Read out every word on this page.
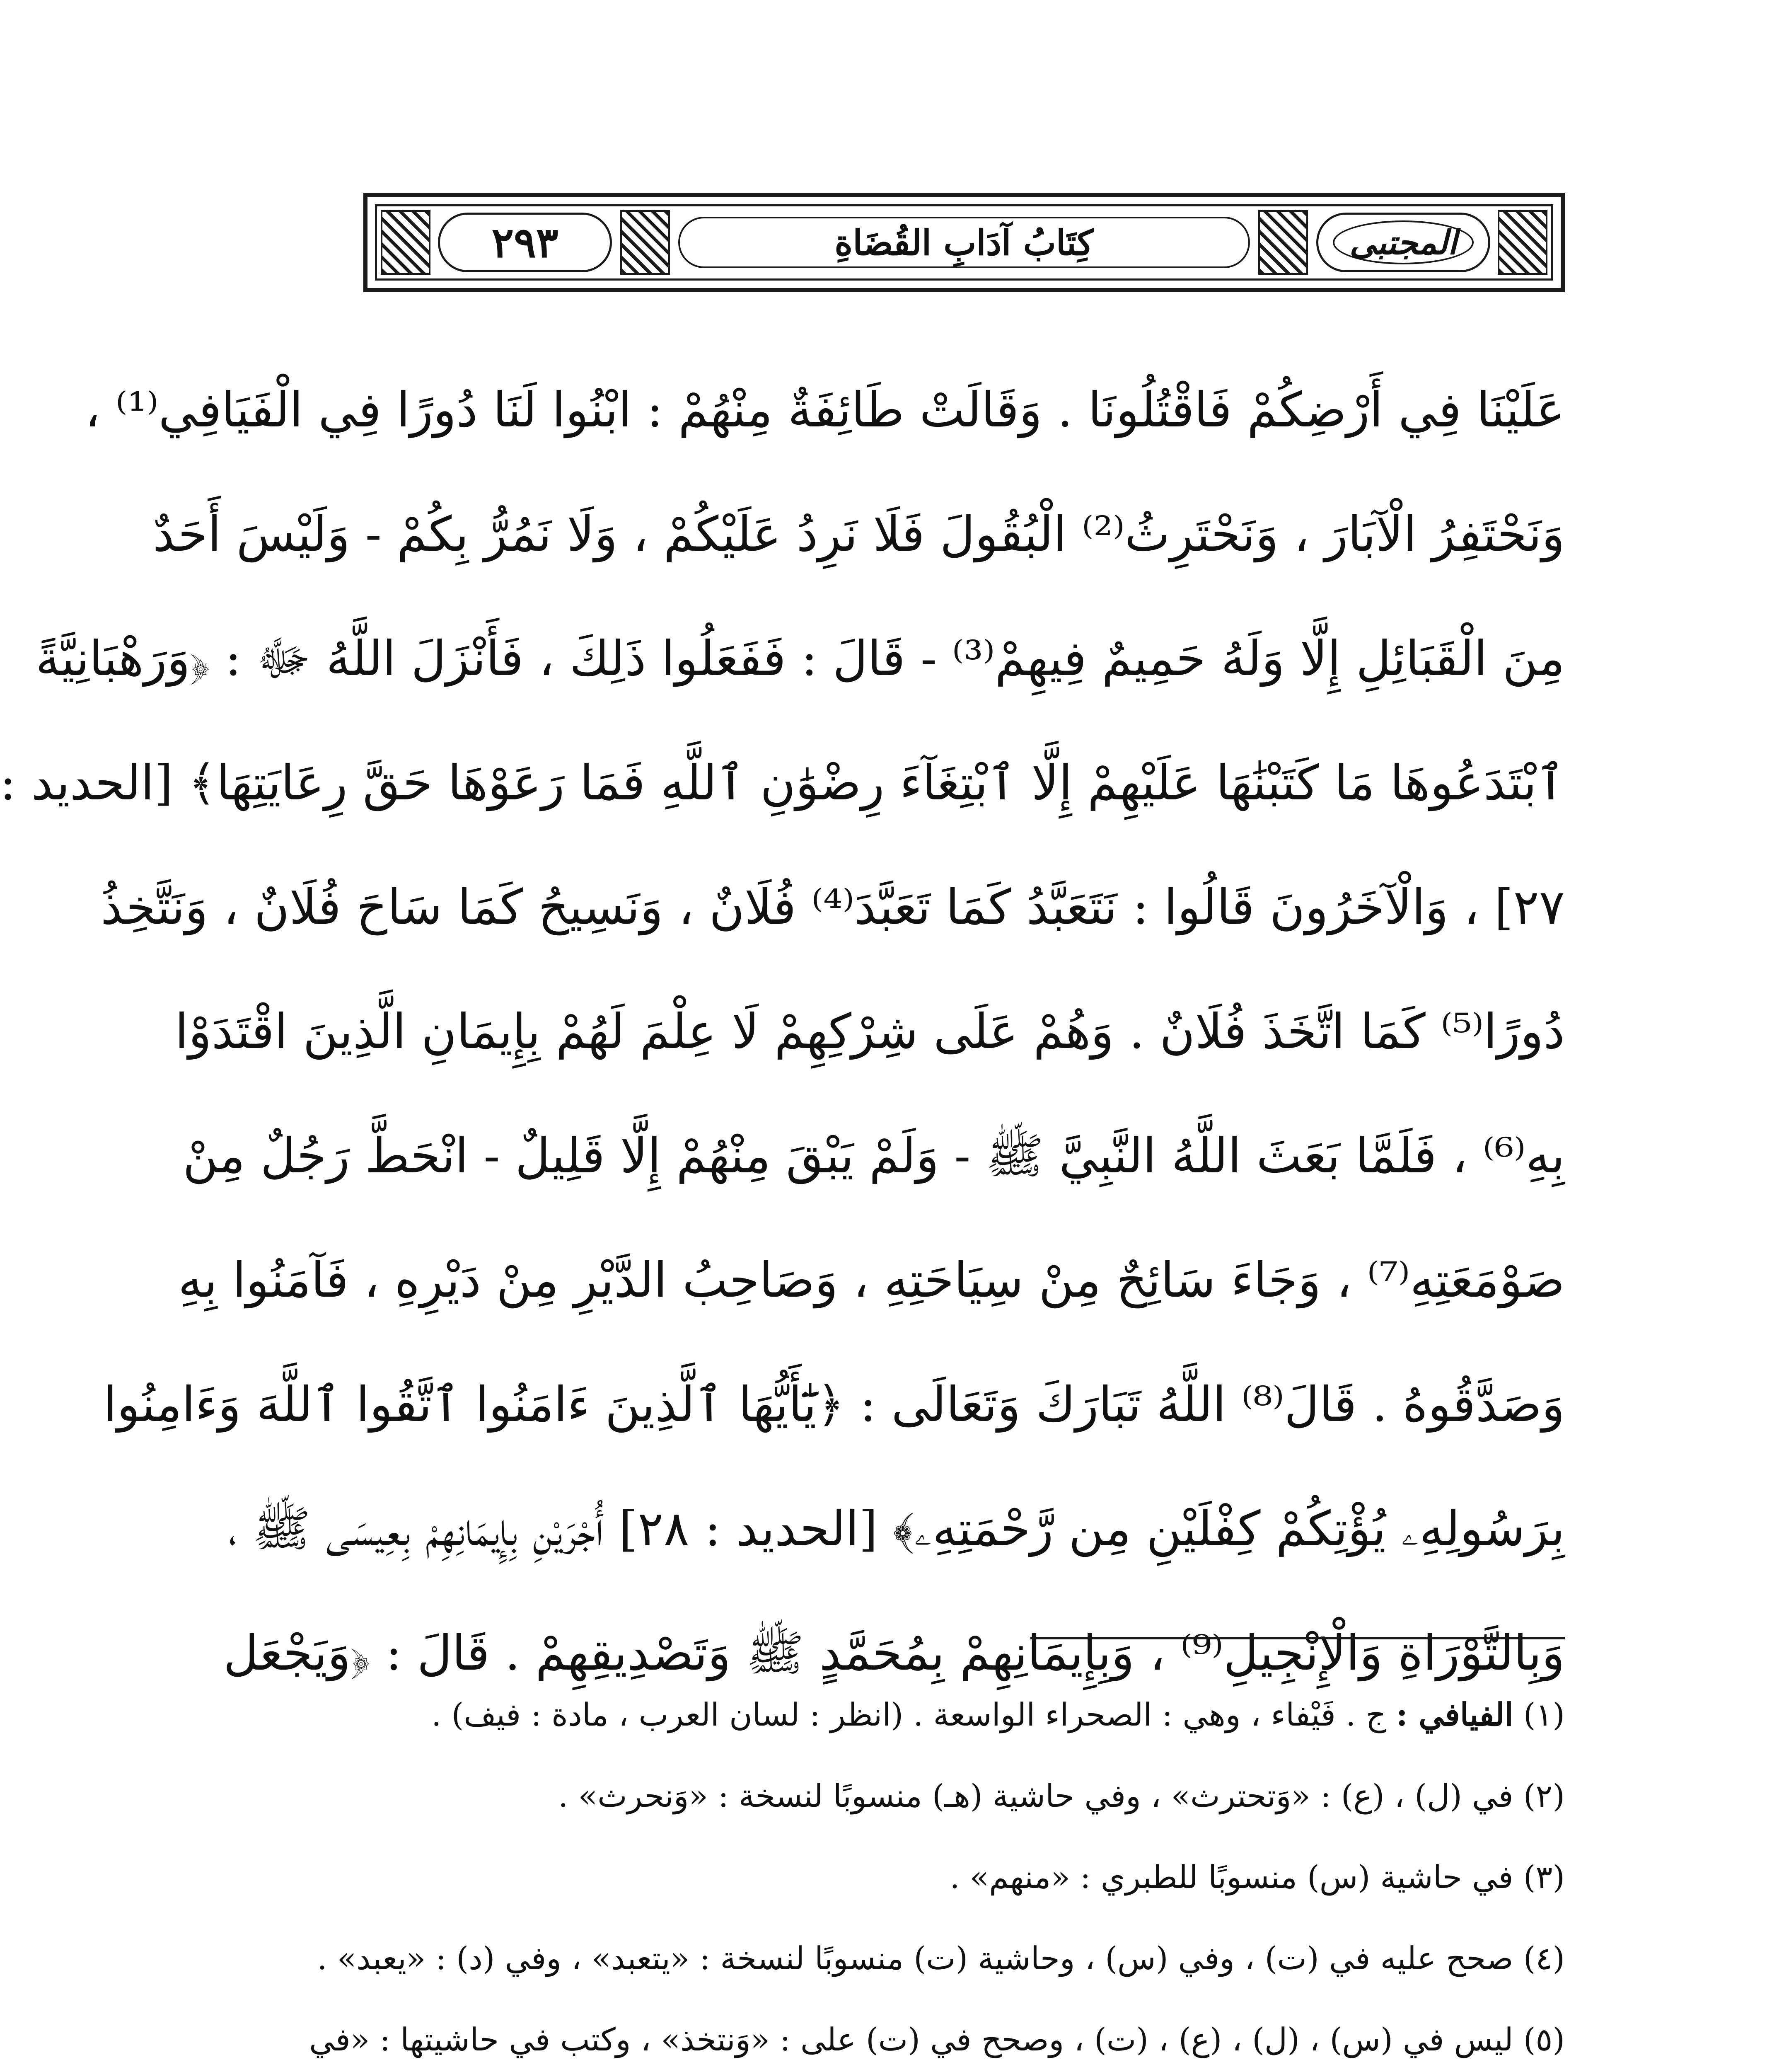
٢٩٣	كِتَابُ آدَابِ القُضَاةِ	المجتبى
عَلَيْنَا فِي أَرْضِكُمْ فَاقْتُلُونَا . وَقَالَتْ طَائِفَةٌ مِنْهُمْ : ابْنُوا لَنَا دُورًا فِي الْفَيَافِي⁽¹⁾ ،
وَنَحْتَفِرُ الْآبَارَ ، وَنَحْتَرِثُ⁽²⁾ الْبُقُولَ فَلَا نَرِدُ عَلَيْكُمْ ، وَلَا نَمُرُّ بِكُمْ - وَلَيْسَ أَحَدٌ
مِنَ الْقَبَائِلِ إِلَّا وَلَهُ حَمِيمٌ فِيهِمْ⁽³⁾ - قَالَ : فَفَعَلُوا ذَلِكَ ، فَأَنْزَلَ اللَّهُ ﷻ : ﴿وَرَهْبَانِيَّةً
ٱبْتَدَعُوهَا مَا كَتَبْنَٰهَا عَلَيْهِمْ إِلَّا ٱبْتِغَآءَ رِضْوَٰنِ ٱللَّهِ فَمَا رَعَوْهَا حَقَّ رِعَايَتِهَا﴾ [الحديد :
٢٧] ، وَالْآخَرُونَ قَالُوا : نَتَعَبَّدُ كَمَا تَعَبَّدَ⁽⁴⁾ فُلَانٌ ، وَنَسِيحُ كَمَا سَاحَ فُلَانٌ ، وَنَتَّخِذُ
دُورًا⁽⁵⁾ كَمَا اتَّخَذَ فُلَانٌ . وَهُمْ عَلَى شِرْكِهِمْ لَا عِلْمَ لَهُمْ بِإِيمَانِ الَّذِينَ اقْتَدَوْا
بِهِ⁽⁶⁾ ، فَلَمَّا بَعَثَ اللَّهُ النَّبِيَّ ﷺ - وَلَمْ يَبْقَ مِنْهُمْ إِلَّا قَلِيلٌ - انْحَطَّ رَجُلٌ مِنْ
صَوْمَعَتِهِ⁽⁷⁾ ، وَجَاءَ سَائِحٌ مِنْ سِيَاحَتِهِ ، وَصَاحِبُ الدَّيْرِ مِنْ دَيْرِهِ ، فَآمَنُوا بِهِ
وَصَدَّقُوهُ . قَالَ⁽⁸⁾ اللَّهُ تَبَارَكَ وَتَعَالَى : ﴿يَٰٓأَيُّهَا ٱلَّذِينَ ءَامَنُوا ٱتَّقُوا ٱللَّهَ وَءَامِنُوا
بِرَسُولِهِۦ يُؤْتِكُمْ كِفْلَيْنِ مِن رَّحْمَتِهِۦ﴾ [الحديد : ٢٨] أُجْرَيْنِ بِإِيمَانِهِمْ بِعِيسَى ﷺ ،
وَبِالتَّوْرَاةِ وَالْإِنْجِيلِ⁽⁹⁾ ، وَبِإِيمَانِهِمْ بِمُحَمَّدٍ ﷺ وَتَصْدِيقِهِمْ . قَالَ : ﴿وَيَجْعَل
(١) الفيافي : ج . فَيْفاء ، وهي : الصحراء الواسعة . (انظر : لسان العرب ، مادة : فيف) .
(٢) في (ل) ، (ع) : «وَتحترث» ، وفي حاشية (هـ) منسوبًا لنسخة : «وَنحرث» .
(٣) في حاشية (س) منسوبًا للطبري : «منهم» .
(٤) صحح عليه في (ت) ، وفي (س) ، وحاشية (ت) منسوبًا لنسخة : «يتعبد» ، وفي (د) : «يعبد» .
(٥) ليس في (س) ، (ل) ، (ع) ، (ت) ، وصحح في (ت) على : «وَنتخذ» ، وكتب في حاشيتها : «في
